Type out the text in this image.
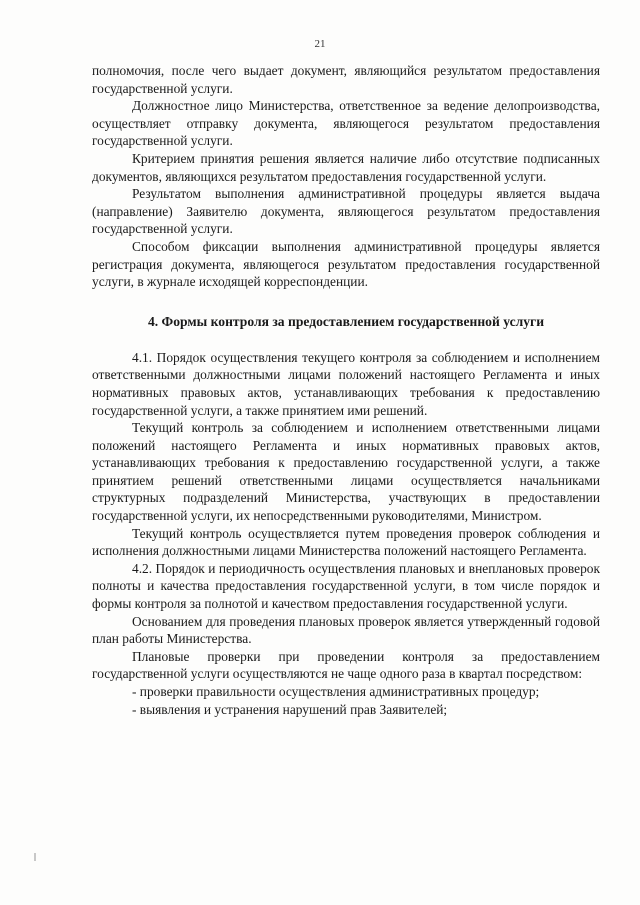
21

полномочия, после чего выдает документ, являющийся результатом предоставления государственной услуги.

Должностное лицо Министерства, ответственное за ведение делопроизводства, осуществляет отправку документа, являющегося результатом предоставления государственной услуги.

Критерием принятия решения является наличие либо отсутствие подписанных документов, являющихся результатом предоставления государственной услуги.

Результатом выполнения административной процедуры является выдача (направление) Заявителю документа, являющегося результатом предоставления государственной услуги.

Способом фиксации выполнения административной процедуры является регистрация документа, являющегося результатом предоставления государственной услуги, в журнале исходящей корреспонденции.

4. Формы контроля за предоставлением государственной услуги

4.1. Порядок осуществления текущего контроля за соблюдением и исполнением ответственными должностными лицами положений настоящего Регламента и иных нормативных правовых актов, устанавливающих требования к предоставлению государственной услуги, а также принятием ими решений.

Текущий контроль за соблюдением и исполнением ответственными лицами положений настоящего Регламента и иных нормативных правовых актов, устанавливающих требования к предоставлению государственной услуги, а также принятием решений ответственными лицами осуществляется начальниками структурных подразделений Министерства, участвующих в предоставлении государственной услуги, их непосредственными руководителями, Министром.

Текущий контроль осуществляется путем проведения проверок соблюдения и исполнения должностными лицами Министерства положений настоящего Регламента.

4.2. Порядок и периодичность осуществления плановых и внеплановых проверок полноты и качества предоставления государственной услуги, в том числе порядок и формы контроля за полнотой и качеством предоставления государственной услуги.

Основанием для проведения плановых проверок является утвержденный годовой план работы Министерства.

Плановые проверки при проведении контроля за предоставлением государственной услуги осуществляются не чаще одного раза в квартал посредством:

- проверки правильности осуществления административных процедур;

- выявления и устранения нарушений прав Заявителей;
